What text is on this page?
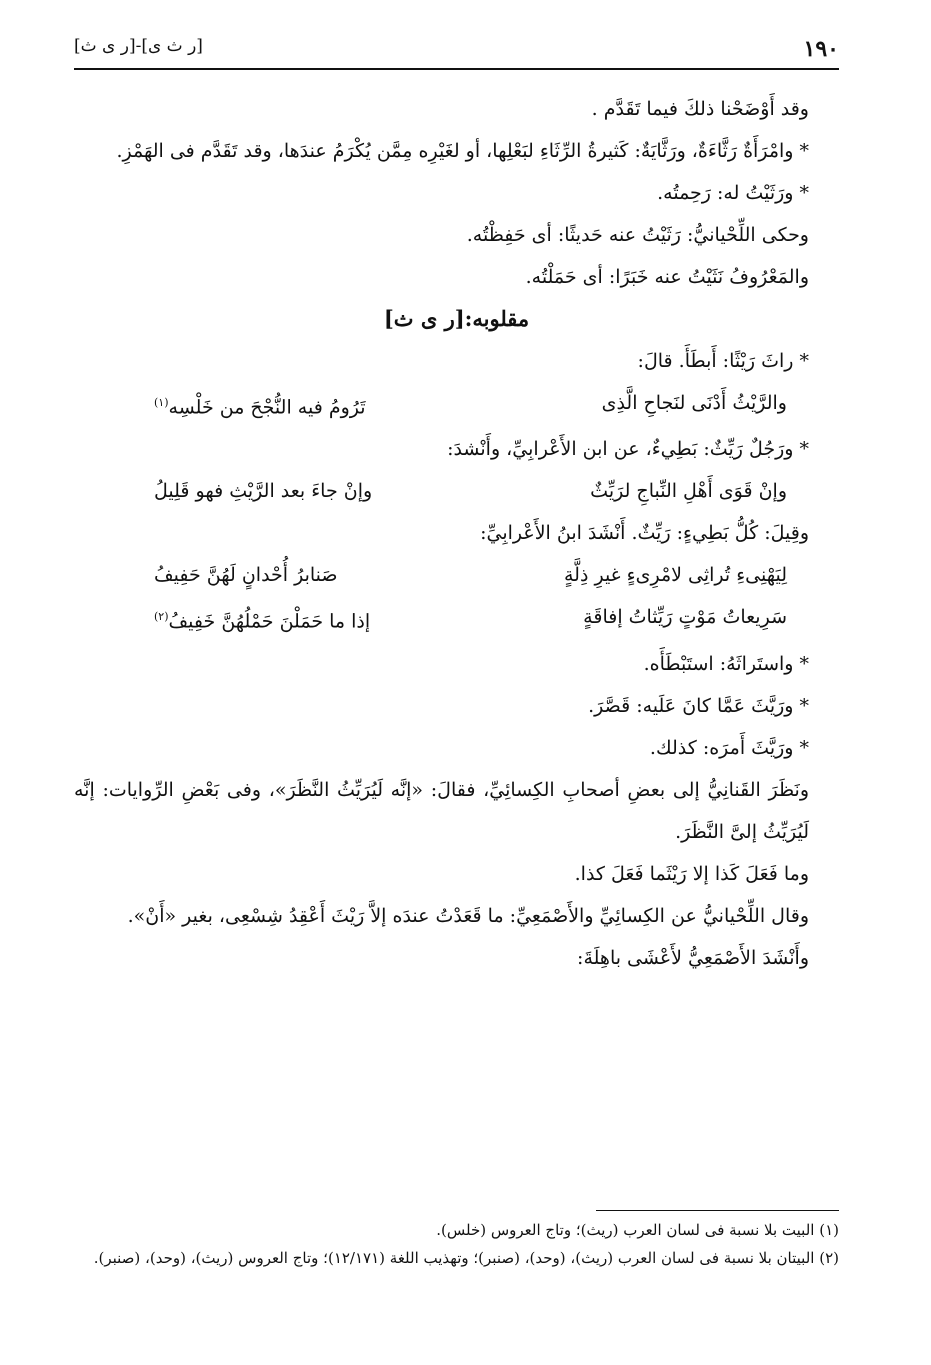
١٩٠
[ر ث ى]-[ر ى ث]

وقد أَوْضَحْنا ذلكَ فيما تَقَدَّم .

* وامْرَأَةٌ رَثَّاءَةٌ، ورَثَّايَةٌ: كَثيرةُ الرِّثَاءِ لبَعْلِها، أو لغَيْرِه مِمَّن يُكْرَمُ عندَها، وقد تَقَدَّم فى الهَمْزِ.

* ورَثَيْتُ له: رَحِمتُه.

وحكى اللِّحْيانيُّ: رَثَيْتُ عنه حَديثًا: أى حَفِظْتُه.

والمَعْرُوفُ نَثَيْتُ عنه خَبَرًا: أى حَمَلْتُه.

مقلوبه:[ر ى ث]

* راثَ رَيْثًا: أَبطَأَ. قالَ:

والرَّيْثُ أَدْنَى لنَجاحِ الَّذِى
تَرُومُ فيه النُّجْحَ من خَلْسِه$^{(١)}$

* ورَجُلٌ رَيِّثٌ: بَطِيءٌ، عن ابن الأَعْرابِيِّ، وأَنْشدَ:

وإنْ قَوَى أَهْلِ النِّباجِ لرَيِّثٌ
وإنْ جاءَ بعد الرَّيْثِ فهو قَلِيلُ

وقِيلَ: كُلُّ بَطِيءٍ: رَيِّثٌ. أَنْشَدَ ابنُ الأَعْرابِيِّ:

لِيَهْنِىءِ تُراثِى لامْرِىءٍ غيرِ ذِلَّةٍ
صَنابرُ أُحْدانٍ لَهُنَّ حَفِيفُ
سَرِيعاتُ مَوْتٍ رَيِّثاتُ إفاقَةٍ
إذا ما حَمَلْنَ حَمْلُهُنَّ خَفِيفُ$^{(٢)}$

* واستَراثَهُ: استَبْطَأَه.

* ورَيَّثَ عَمَّا كانَ عَلَيه: قَصَّرَ.

* ورَيَّثَ أَمرَه: كذلك.

ونَظَرَ القَنانِيُّ إلى بعضِ أصحابِ الكِسائِيِّ، فقالَ: «إنَّه لَيُرَيِّثُ النَّظَرَ»، وفى بَعْضِ الرِّوايات: إنَّه لَيُرَيِّثُ إلىَّ النَّظَرَ.

وما فَعَلَ كَذا إلا رَيْثَما فَعَلَ كذا.

وقال اللِّحْيانيُّ عن الكِسائِيِّ والأَصْمَعِيِّ: ما قَعَدْتُ عندَه إلاَّ رَيْثَ أَعْقِدُ شِسْعِى، بغير «أَنْ».

وأَنْشَدَ الأَصْمَعِيُّ لأَعْشَى باهِلَةَ:

(١) البيت بلا نسبة فى لسان العرب (ريث)؛ وتاج العروس (خلس).

(٢) البيتان بلا نسبة فى لسان العرب (ريث)، (وحد)، (صنبر)؛ وتهذيب اللغة (١٢/١٧١)؛ وتاج العروس (ريث)، (وحد)، (صنبر).
